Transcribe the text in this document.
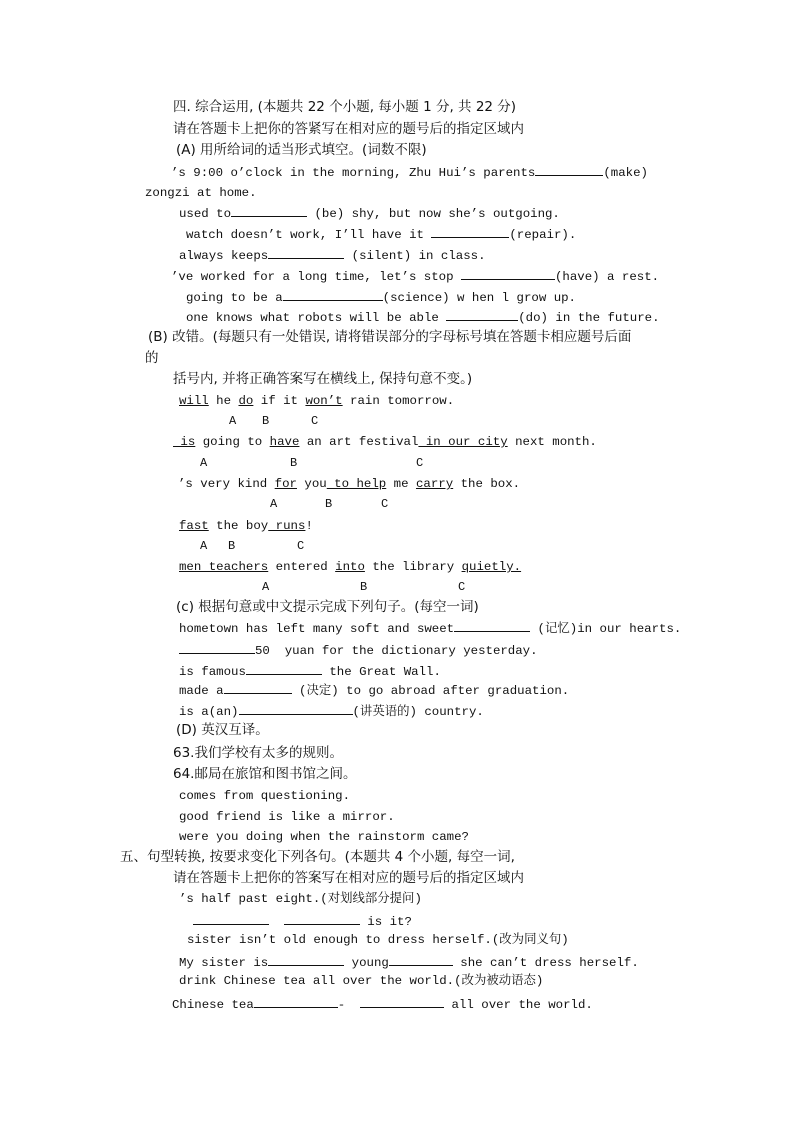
四. 综合运用, (本题共 22 个小题, 每小题 1 分, 共 22 分)
请在答题卡上把你的答紧写在相对应的题号后的指定区域内
(A) 用所给词的适当形式填空。(词数不限)
’s 9:00 o’clock in the morning, Zhu Hui’s parents	(make)
zongzi at home.
used to	(be) shy, but now she’s outgoing.
watch doesn’t work, I’ll have it	(repair).
always keeps	(silent) in class.
’ve worked for a long time, let’s stop	(have) a rest.
going to be a	(science) w hen l grow up.
one knows what robots will be able	(do) in the future.
(B) 改错。(每题只有一处错误, 请将错误部分的字母标号填在答题卡相应题号后面
的
括号内, 并将正确答案写在横线上, 保持句意不变。)
will he do if it won’t rain tomorrow.
A B	C
is going to have an art festival in our city next month.
A	B	C
’s very kind for you to help me carry the box.
A	B	C
fast the boy runs!
A B	C
men teachers entered into the library quietly.
A	B	C
(c) 根据句意或中文提示完成下列句子。(每空一词)
hometown has left many soft and sweet	(记忆)in our hearts.
50  yuan for the dictionary yesterday.
is famous	the Great Wall.
made a	(决定) to go abroad after graduation.
is a(an)	(讲英语的) country.
(D) 英汉互译。
63.我们学校有太多的规则。
64.邮局在旅馆和图书馆之间。
comes from questioning.
good friend is like a mirror.
were you doing when the rainstorm came?
五、句型转换, 按要求变化下列各句。(本题共 4 个小题, 每空一词,
请在答题卡上把你的答案写在相对应的题号后的指定区域内
’s half past eight.(对划线部分提问)
is it?
sister isn’t old enough to dress herself.(改为同义句)
My sister is	young	she can’t dress herself.
drink Chinese tea all over the world.(改为被动语态)
Chinese tea	-	all over the world.
